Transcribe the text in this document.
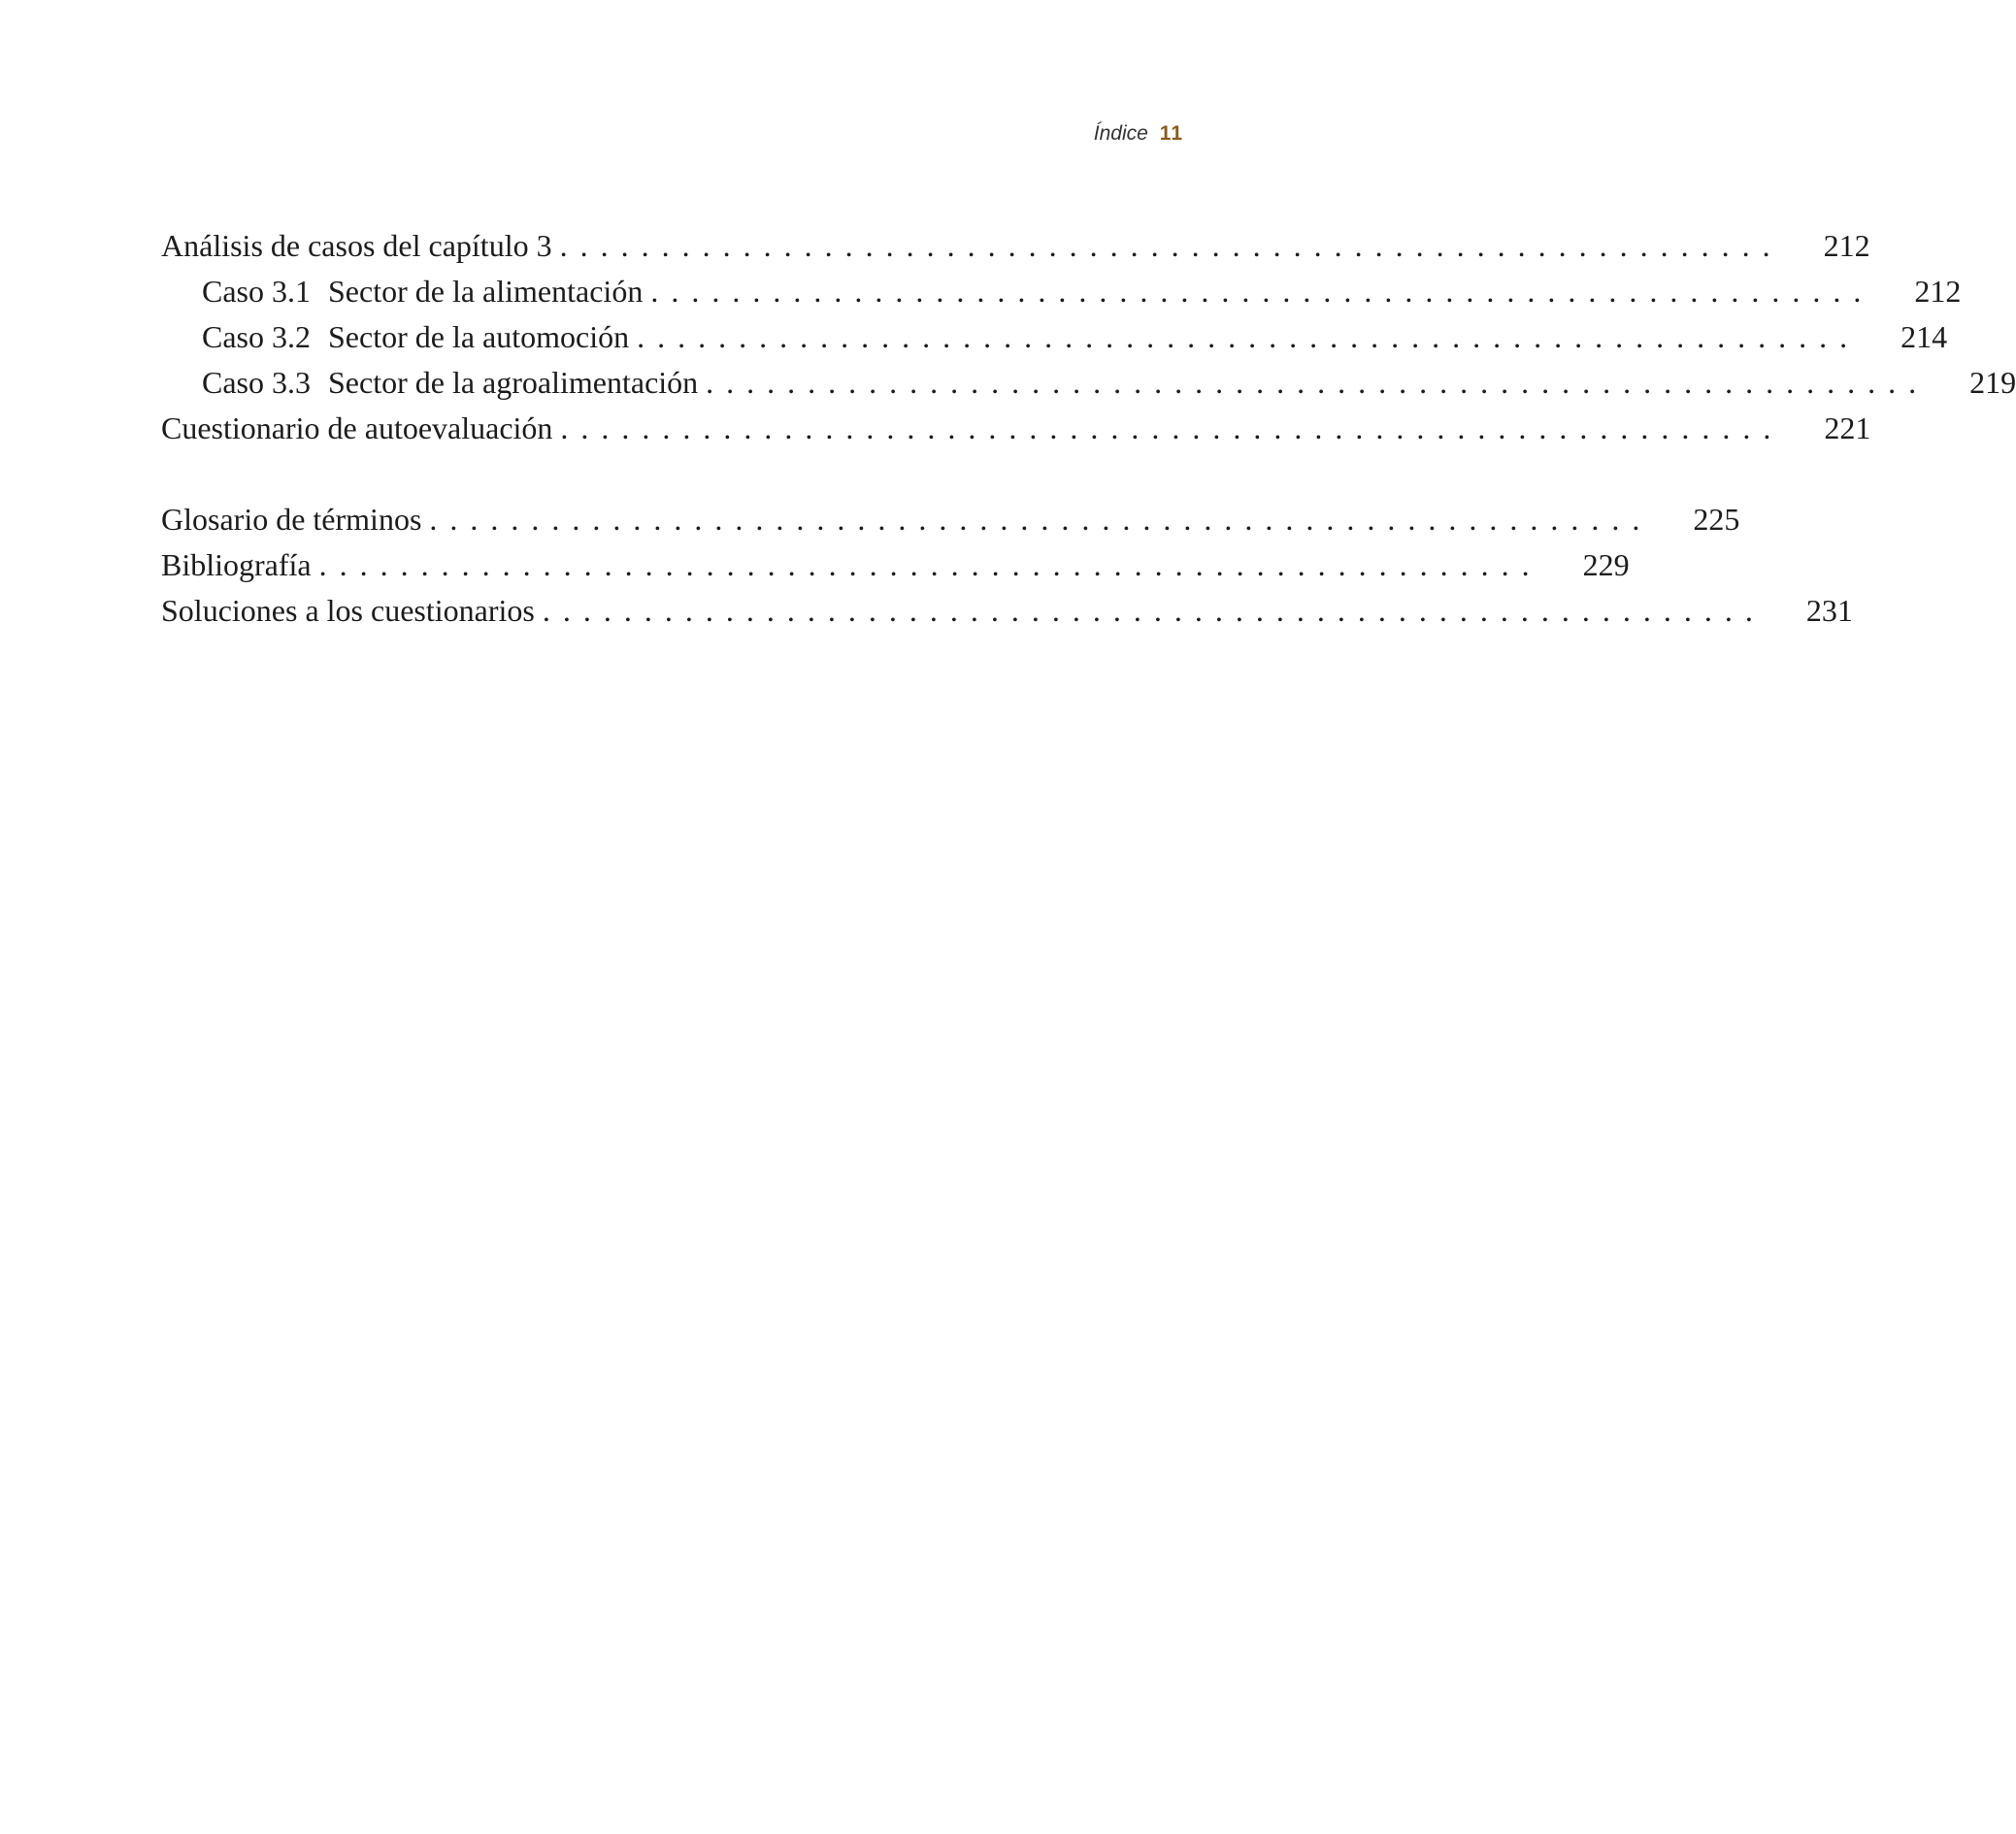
Índice 11
Análisis de casos del capítulo 3 ............................................................	212
Caso 3.1 Sector de la alimentación ............................................................	212
Caso 3.2 Sector de la automoción ............................................................	214
Caso 3.3 Sector de la agroalimentación ............................................................	219
Cuestionario de autoevaluación ............................................................	221
Glosario de términos ............................................................	225
Bibliografía ............................................................	229
Soluciones a los cuestionarios ............................................................	231
